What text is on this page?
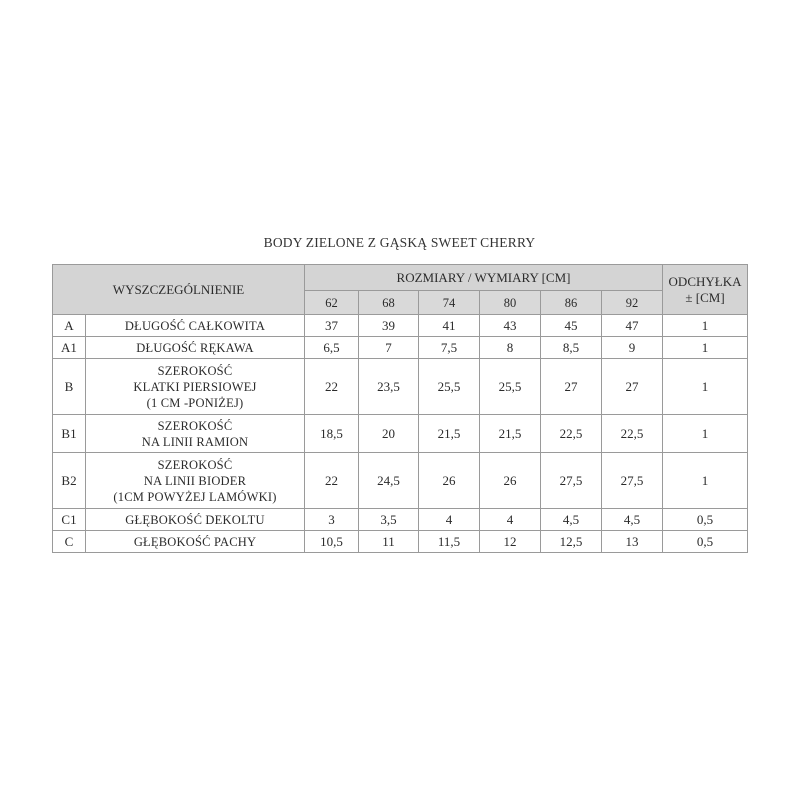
BODY ZIELONE Z GĄSKĄ SWEET CHERRY
WYSZCZEGÓLNIENIE		ROZMIARY / WYMIARY [CM]						ODCHYŁKA
± [CM]

		62	68	74	80	86	92	
A	DŁUGOŚĆ CAŁKOWITA	37	39	41	43	45	47	1
A1	DŁUGOŚĆ RĘKAWA	6,5	7	7,5	8	8,5	9	1
B	SZEROKOŚĆ
KLATKI PIERSIOWEJ
(1 CM -PONIŻEJ)	22	23,5	25,5	25,5	27	27	1
B1	SZEROKOŚĆ
NA LINII RAMION	18,5	20	21,5	21,5	22,5	22,5	1
B2	SZEROKOŚĆ
NA LINII BIODER
(1CM POWYŻEJ LAMÓWKI)	22	24,5	26	26	27,5	27,5	1
C1	GŁĘBOKOŚĆ DEKOLTU	3	3,5	4	4	4,5	4,5	0,5
C	GŁĘBOKOŚĆ PACHY	10,5	11	11,5	12	12,5	13	0,5
